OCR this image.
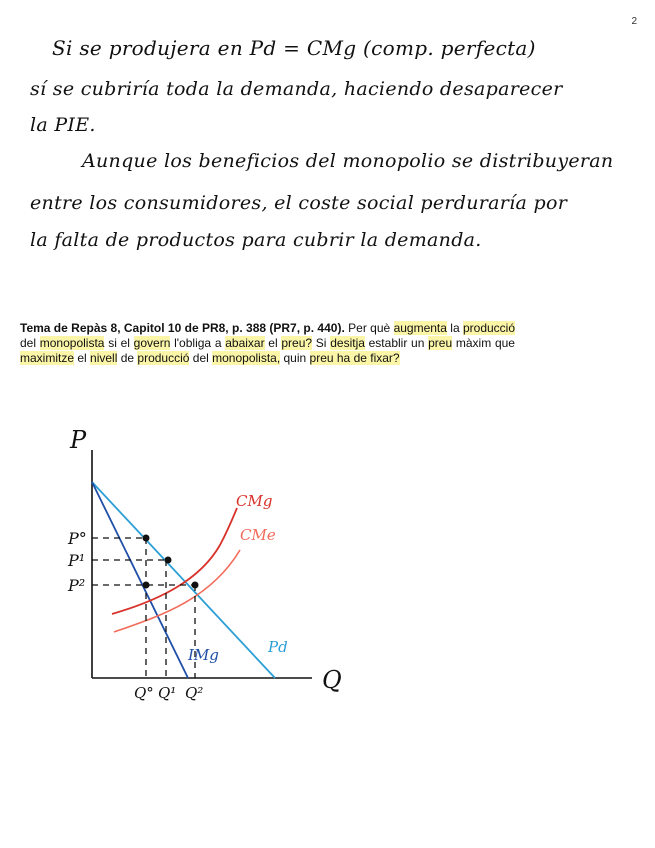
2
Si se produjera en Pd = CMg (comp. perfecta)
sí se cubriría toda la demanda, haciendo desaparecer
la PIE.
Aunque los beneficios del monopolio se distribuyeran
entre los consumidores, el coste social perduraría por
la falta de productos para cubrir la demanda.
Tema de Repàs 8, Capitol 10 de PR8, p. 388 (PR7, p. 440). Per què augmenta la producció del monopolista si el govern l'obliga a abaixar el preu? Si desitja establir un preu màxim que maximitze el nivell de producció del monopolista, quin preu ha de fixar?
P
Q
P°
P¹
P²
Q° Q¹ Q²
CMg
CMe
Pd
IMg
